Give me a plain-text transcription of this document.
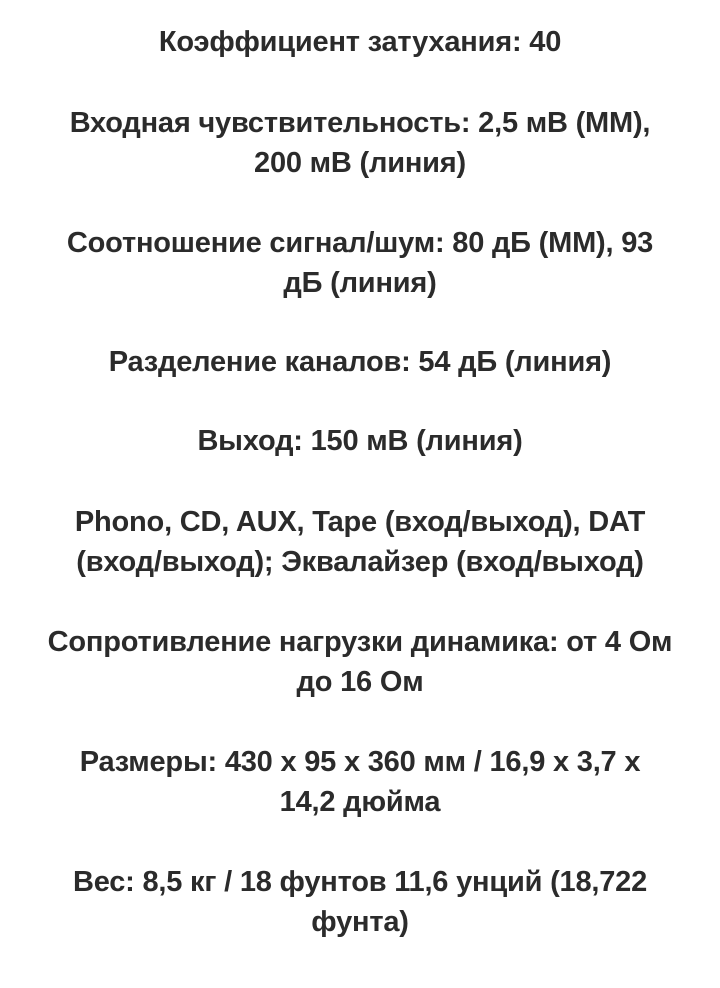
Коэффициент затухания: 40
Входная чувствительность: 2,5 мВ (ММ),
200 мВ (линия)
Соотношение сигнал/шум: 80 дБ (ММ), 93
дБ (линия)
Разделение каналов: 54 дБ (линия)
Выход: 150 мВ (линия)
Phono, CD, AUX, Tape (вход/выход), DAT
(вход/выход); Эквалайзер (вход/выход)
Сопротивление нагрузки динамика: от 4 Ом
до 16 Ом
Размеры: 430 x 95 x 360 мм / 16,9 x 3,7 x
14,2 дюйма
Вес: 8,5 кг / 18 фунтов 11,6 унций (18,722
фунта)
